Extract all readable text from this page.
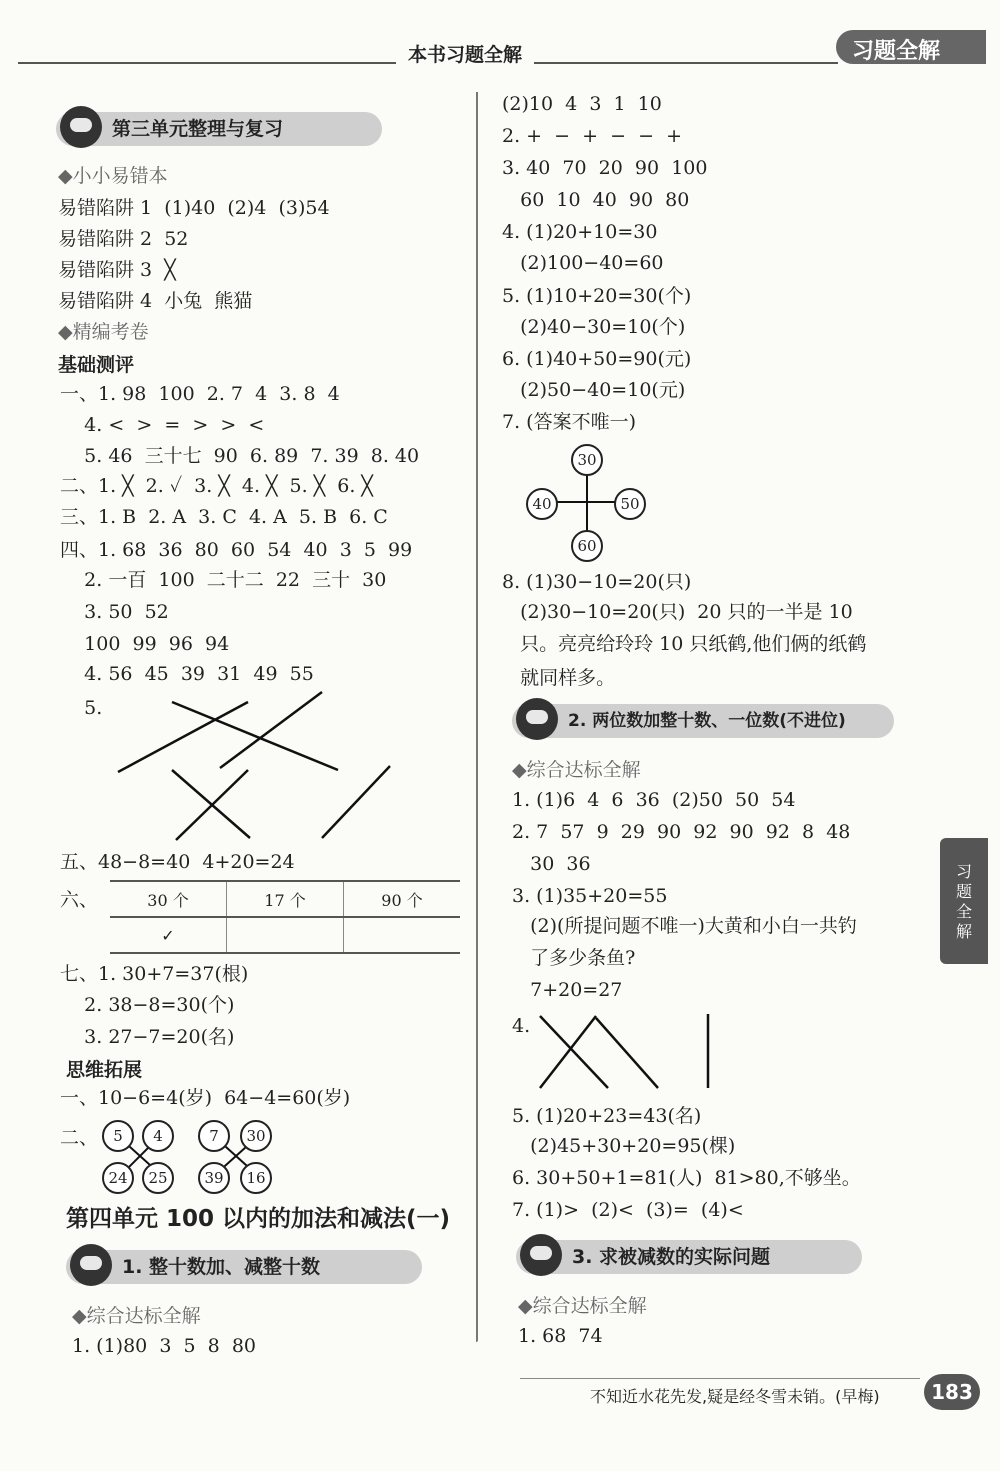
本书习题全解	习题全解
第三单元整理与复习
◆小小易错本
易错陷阱 1  (1)40  (2)4  (3)54
易错陷阱 2  52
易错陷阱 3  ╳
易错陷阱 4  小兔  熊猫
◆精编考卷
基础测评
一、1. 98  100  2. 7  4  3. 8  4
4. <  >  =  >  >  <
5. 46  三十七  90  6. 89  7. 39  8. 40
二、1. ╳  2. ✓  3. ╳  4. ╳  5. ╳  6. ╳
三、1. B  2. A  3. C  4. A  5. B  6. C
四、1. 68  36  80  60  54  40  3  5  99
2. 一百  100  二十二  22  三十  30
3. 50  52
100  99  96  94
4. 56  45  39  31  49  55
5.
五、48−8=40  4+20=24
六、	30 个	17 个	90 个
✓		
七、1. 30+7=37(根)
2. 38−8=30(个)
3. 27−7=20(名)
思维拓展
一、10−6=4(岁)  64−4=60(岁)
二、	5	4
24	25
7	30
39	16
第四单元 100 以内的加法和减法(一)
1. 整十数加、减整十数
◆综合达标全解
1. (1)80  3  5  8  80
(2)10  4  3  1  10
2. +  −  +  −  −  +
3. 40  70  20  90  100
60  10  40  90  80
4. (1)20+10=30
(2)100−40=60
5. (1)10+20=30(个)
(2)40−30=10(个)
6. (1)40+50=90(元)
(2)50−40=10(元)
7. (答案不唯一)
30
40	50
60
8. (1)30−10=20(只)
(2)30−10=20(只)  20 只的一半是 10
只。亮亮给玲玲 10 只纸鹤,他们俩的纸鹤
就同样多。
2. 两位数加整十数、一位数(不进位)
◆综合达标全解
1. (1)6  4  6  36  (2)50  50  54
2. 7  57  9  29  90  92  90  92  8  48
30  36
3. (1)35+20=55
(2)(所提问题不唯一)大黄和小白一共钓
了多少条鱼?
7+20=27
4.
5. (1)20+23=43(名)
(2)45+30+20=95(棵)
6. 30+50+1=81(人)  81>80,不够坐。
7. (1)>  (2)<  (3)=  (4)<
3. 求被减数的实际问题
◆综合达标全解
1. 68  74
习题全解
不知近水花先发,疑是经冬雪未销。(早梅)	183
